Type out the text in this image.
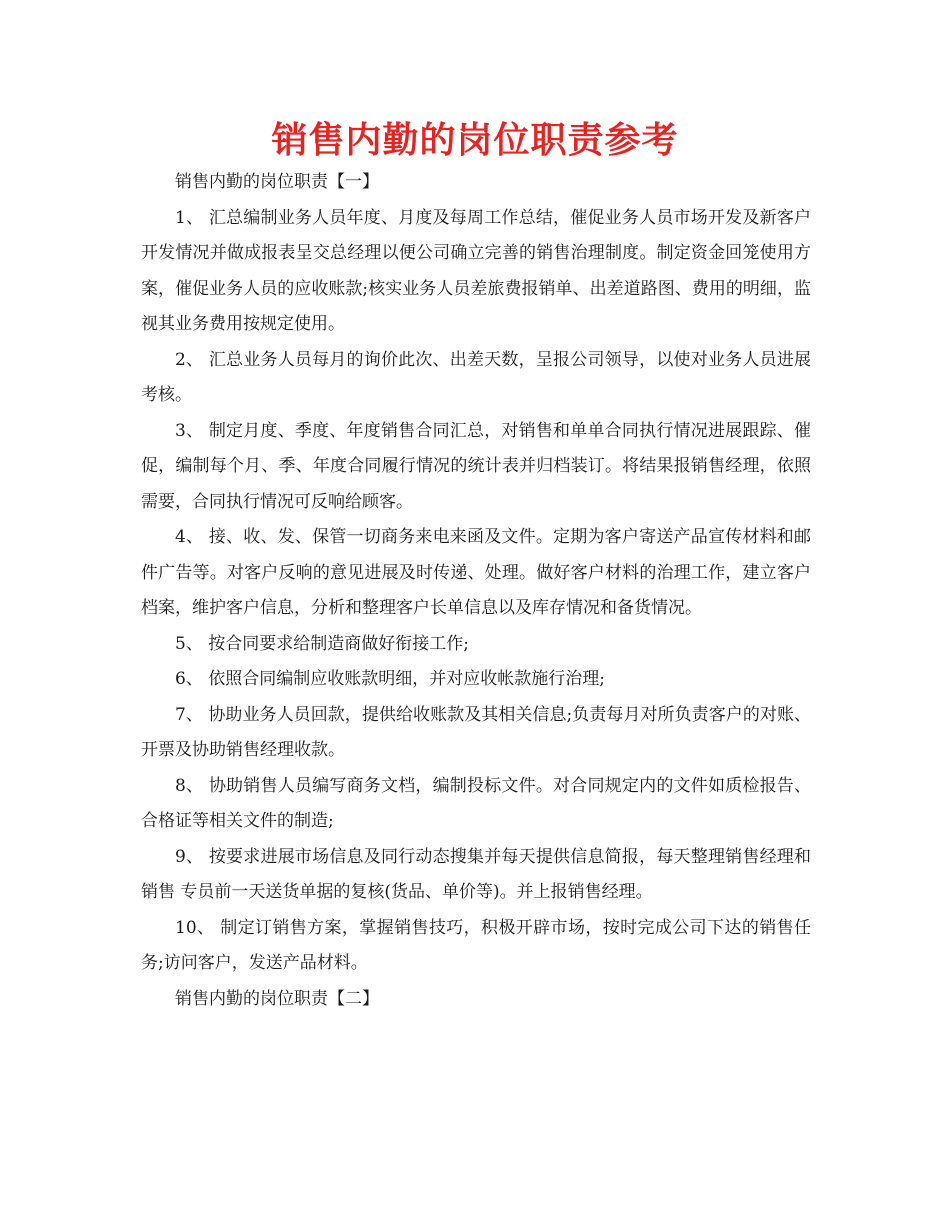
销售内勤的岗位职责参考

销售内勤的岗位职责【一】

1、 汇总编制业务人员年度、月度及每周工作总结，催促业务人员市场开发及新客户开发情况并做成报表呈交总经理以便公司确立完善的销售治理制度。制定资金回笼使用方案，催促业务人员的应收账款;核实业务人员差旅费报销单、出差道路图、费用的明细，监视其业务费用按规定使用。

2、 汇总业务人员每月的询价此次、出差天数，呈报公司领导，以使对业务人员进展考核。

3、 制定月度、季度、年度销售合同汇总，对销售和单单合同执行情况进展跟踪、催促，编制每个月、季、年度合同履行情况的统计表并归档装订。将结果报销售经理，依照需要，合同执行情况可反响给顾客。

4、 接、收、发、保管一切商务来电来函及文件。定期为客户寄送产品宣传材料和邮件广告等。对客户反响的意见进展及时传递、处理。做好客户材料的治理工作，建立客户档案，维护客户信息，分析和整理客户长单信息以及库存情况和备货情况。

5、 按合同要求给制造商做好衔接工作;

6、 依照合同编制应收账款明细，并对应收帐款施行治理;

7、 协助业务人员回款，提供给收账款及其相关信息;负责每月对所负责客户的对账、开票及协助销售经理收款。

8、 协助销售人员编写商务文档，编制投标文件。对合同规定内的文件如质检报告、合格证等相关文件的制造;

9、 按要求进展市场信息及同行动态搜集并每天提供信息简报，每天整理销售经理和销售 专员前一天送货单据的复核(货品、单价等)。并上报销售经理。

10、 制定订销售方案，掌握销售技巧，积极开辟市场，按时完成公司下达的销售任务;访问客户，发送产品材料。

销售内勤的岗位职责【二】
